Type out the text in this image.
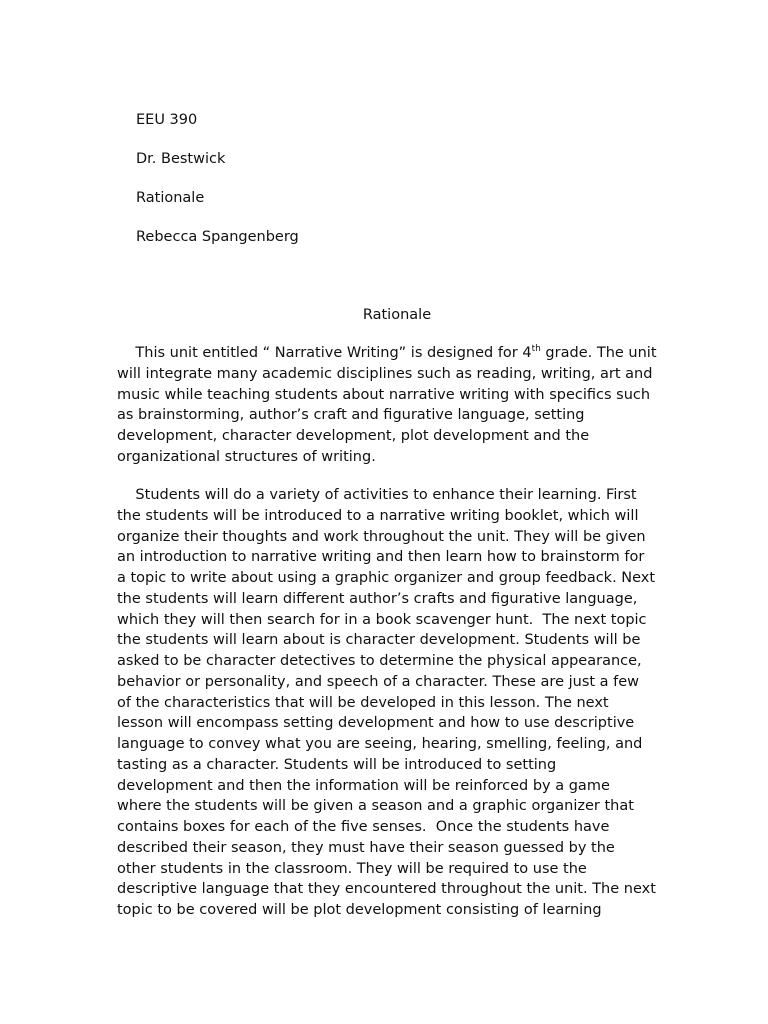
EEU 390
Dr. Bestwick
Rationale
Rebecca Spangenberg
Rationale
This unit entitled “ Narrative Writing” is designed for 4th grade. The unit
will integrate many academic disciplines such as reading, writing, art and
music while teaching students about narrative writing with specifics such
as brainstorming, author’s craft and figurative language, setting
development, character development, plot development and the
organizational structures of writing.
Students will do a variety of activities to enhance their learning. First
the students will be introduced to a narrative writing booklet, which will
organize their thoughts and work throughout the unit. They will be given
an introduction to narrative writing and then learn how to brainstorm for
a topic to write about using a graphic organizer and group feedback. Next
the students will learn different author’s crafts and figurative language,
which they will then search for in a book scavenger hunt.  The next topic
the students will learn about is character development. Students will be
asked to be character detectives to determine the physical appearance,
behavior or personality, and speech of a character. These are just a few
of the characteristics that will be developed in this lesson. The next
lesson will encompass setting development and how to use descriptive
language to convey what you are seeing, hearing, smelling, feeling, and
tasting as a character. Students will be introduced to setting
development and then the information will be reinforced by a game
where the students will be given a season and a graphic organizer that
contains boxes for each of the five senses.  Once the students have
described their season, they must have their season guessed by the
other students in the classroom. They will be required to use the
descriptive language that they encountered throughout the unit. The next
topic to be covered will be plot development consisting of learning
